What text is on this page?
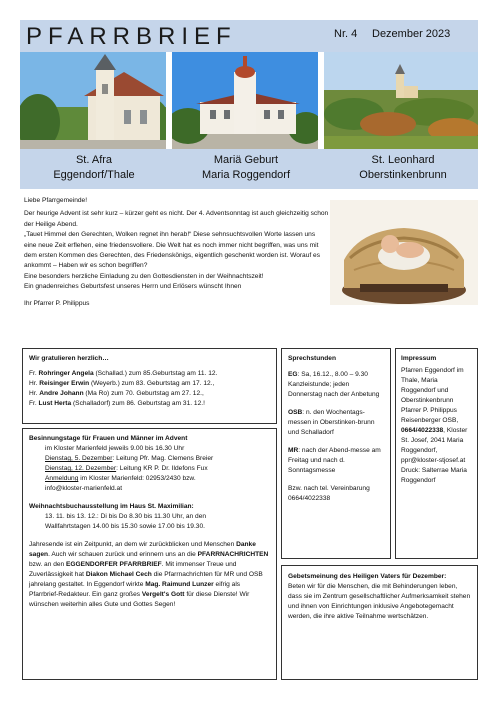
PFARRBRIEF	Nr. 4 Dezember 2023
St. Afra
Eggendorf/Thale
Mariä Geburt
Maria Roggendorf
St. Leonhard
Oberstinkenbrunn

Liebe Pfarrgemeinde!

Der heurige Advent ist sehr kurz – kürzer geht es nicht. Der 4. Adventsonntag ist auch gleichzeitig schon der Heilige Abend.

„Tauet Himmel den Gerechten, Wolken regnet ihn herab!“ Diese sehnsuchtsvollen Worte lassen uns eine neue Zeit erflehen, eine friedensvollere. Die Welt hat es noch immer nicht begriffen, was uns mit dem ersten Kommen des Gerechten, des Friedenskönigs, eigentlich geschenkt worden ist. Worauf es ankommt – Haben wir es schon begriffen?

Eine besonders herzliche Einladung zu den Gottesdiensten in der Weihnachtszeit!

Ein gnadenreiches Geburtsfest unseres Herrn und Erlösers wünscht Ihnen

Ihr Pfarrer P. Philippus

Wir gratulieren herzlich…

Fr. Rohringer Angela (Schallad.) zum 85.Geburtstag am 11. 12.

Hr. Reisinger Erwin (Weyerb.) zum 83. Geburtstag am 17. 12.,

Hr. Andre Johann (Ma Ro) zum 70. Geburtstag am 27. 12.,

Fr. Lust Herta (Schalladorf) zum 86. Geburtstag am 31. 12.!

Besinnungstage für Frauen und Männer im Advent

im Kloster Marienfeld jeweils 9.00 bis 16.30 Uhr

Dienstag, 5. Dezember: Leitung Pfr. Mag. Clemens Breier

Dienstag, 12. Dezember: Leitung KR P. Dr. Ildefons Fux

Anmeldung im Kloster Marienfeld: 02953/2430 bzw.

info@kloster-marienfeld.at

Weihnachtsbuchausstellung im Haus St. Maximilian:

13. 11. bis 13. 12.: Di bis Do 8.30 bis 11.30 Uhr, an den

Wallfahrtstagen 14.00 bis 15.30 sowie 17.00 bis 19.30.

Jahresende ist ein Zeitpunkt, an dem wir zurückblicken und Menschen Danke sagen. Auch wir schauen zurück und erinnern uns an die PFARRNACHRICHTEN bzw. an den EGGENDORFER PFARRBRIEF. Mit immenser Treue und Zuverlässigkeit hat Diakon Michael Cech die Pfarrnachrichten für MR und OSB jahrelang gestaltet. In Eggendorf wirkte Mag. Raimund Lunzer eifrig als Pfarrbrief-Redakteur. Ein ganz großes Vergelt's Gott für diese Dienste! Wir wünschen weiterhin alles Gute und Gottes Segen!

Sprechstunden

EG: Sa, 16.12., 8.00 – 9.30 Kanzleistunde; jeden Donnerstag nach der Anbetung

OSB: n. den Wochentags-messen in Oberstinken-brunn und Schalladorf

MR: nach der Abend-messe am Freitag und nach d. Sonntagsmesse

Bzw. nach tel. Vereinbarung 0664/4022338

Impressum

Pfarren Eggendorf im Thale, Maria Roggendorf und Oberstinkenbrunn Pfarrer P. Philippus Reisenberger OSB, 0664/4022338, Kloster St. Josef, 2041 Maria Roggendorf, ppr@kloster-stjosef.at

Druck: Salterrae Maria Roggendorf

Gebetsmeinung des Heiligen Vaters für Dezember:

Beten wir für die Menschen, die mit Behinderungen leben, dass sie im Zentrum gesellschaftlicher Aufmerksamkeit stehen und ihnen von Einrichtungen inklusive Angebotegemacht werden, die ihre aktive Teilnahme wertschätzen.
